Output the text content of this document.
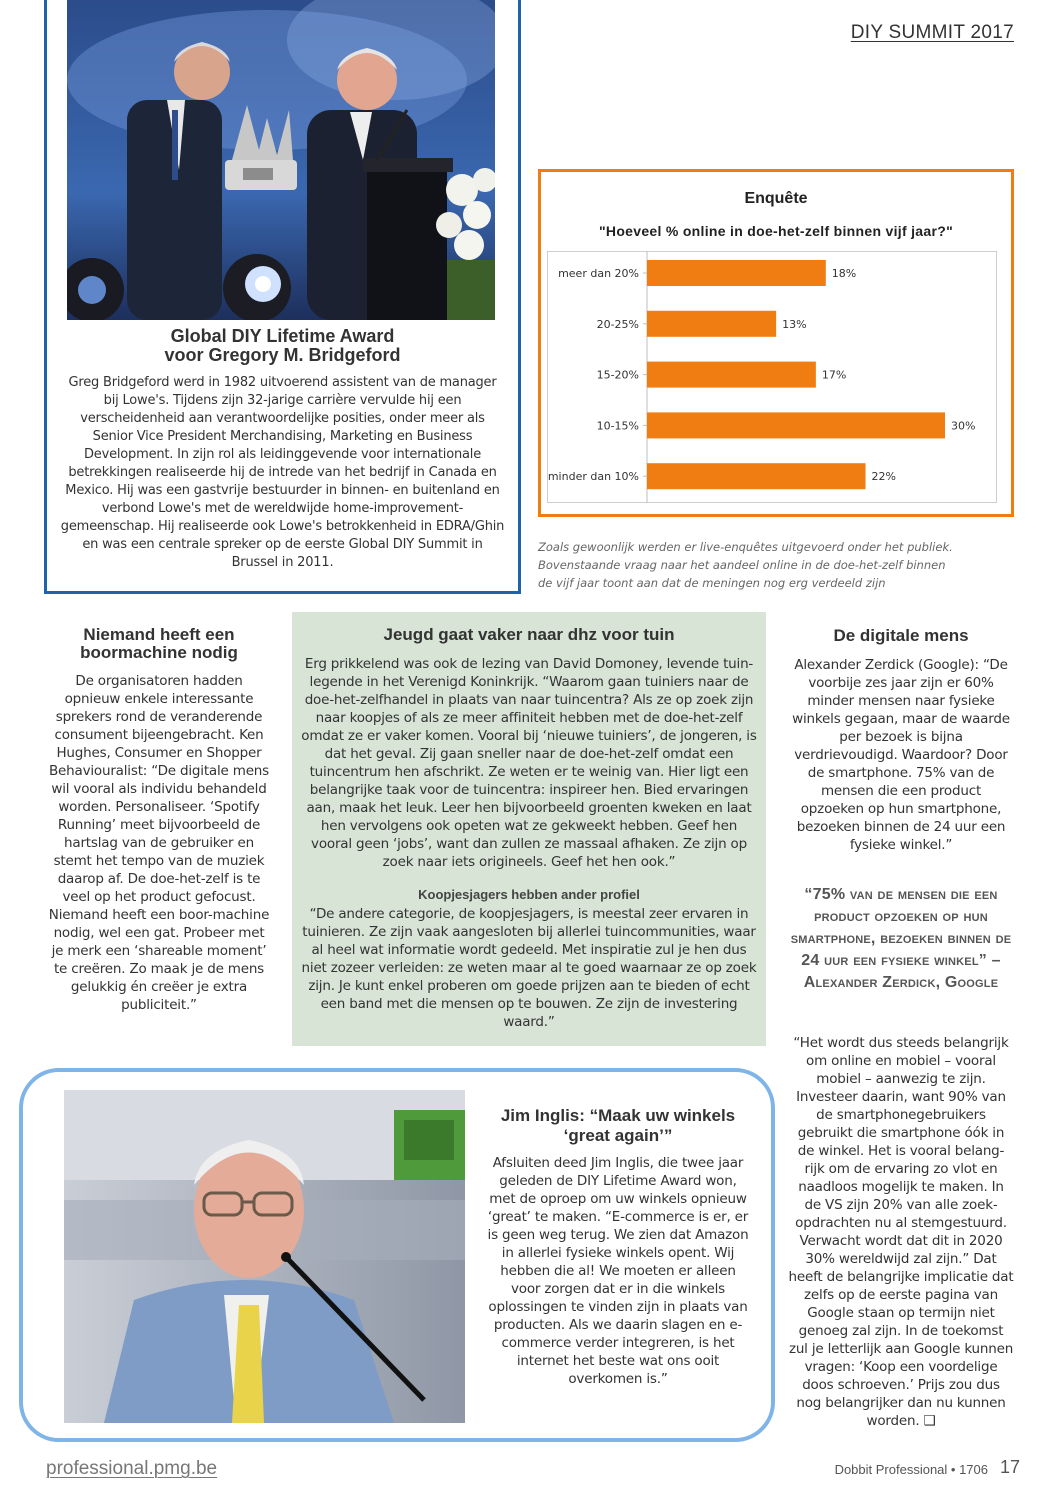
DIY SUMMIT 2017
Global DIY Lifetime Award
voor Gregory M. Bridgeford
Greg Bridgeford werd in 1982 uitvoerend assistent van de manager bij Lowe's. Tijdens zijn 32-jarige carrière vervulde hij een verscheidenheid aan verantwoordelijke posities, onder meer als Senior Vice President Merchandising, Marketing en Business Development. In zijn rol als leidinggevende voor internationale betrekkingen realiseerde hij de intrede van het bedrijf in Canada en Mexico. Hij was een gastvrije bestuurder in binnen- en buitenland en verbond Lowe's met de wereldwijde home-improvement-gemeenschap. Hij realiseerde ook Lowe's betrokkenheid in EDRA/Ghin en was een centrale spreker op de eerste Global DIY Summit in Brussel in 2011.
Enquête
"Hoeveel % online in doe-het-zelf binnen vijf jaar?"
meer dan 20%	18%
20-25%	13%
15-20%	17%
10-15%	30%
minder dan 10%	22%
Zoals gewoonlijk werden er live-enquêtes uitgevoerd onder het publiek. Bovenstaande vraag naar het aandeel online in de doe-het-zelf binnen de vijf jaar toont aan dat de meningen nog erg verdeeld zijn
Niemand heeft een
boormachine nodig
De organisatoren hadden opnieuw enkele interessante sprekers rond de veranderende consument bijeengebracht. Ken Hughes, Consumer en Shopper Behaviouralist: “De digitale mens wil vooral als individu behandeld worden. Personaliseer. ‘Spotify Running’ meet bijvoorbeeld de hartslag van de gebruiker en stemt het tempo van de muziek daarop af. De doe-het-zelf is te veel op het product gefocust. Niemand heeft een boor-machine nodig, wel een gat. Probeer met je merk een ‘shareable moment’ te creëren. Zo maak je de mens gelukkig én creëer je extra publiciteit.”
Jeugd gaat vaker naar dhz voor tuin
Erg prikkelend was ook de lezing van David Domoney, levende tuin-legende in het Verenigd Koninkrijk. “Waarom gaan tuiniers naar de doe-het-zelfhandel in plaats van naar tuincentra? Als ze op zoek zijn naar koopjes of als ze meer affiniteit hebben met de doe-het-zelf omdat ze er vaker komen. Vooral bij ‘nieuwe tuiniers’, de jongeren, is dat het geval. Zij gaan sneller naar de doe-het-zelf omdat een tuincentrum hen afschrikt. Ze weten er te weinig van. Hier ligt een belangrijke taak voor de tuincentra: inspireer hen. Bied ervaringen aan, maak het leuk. Leer hen bijvoorbeeld groenten kweken en laat hen vervolgens ook opeten wat ze gekweekt hebben. Geef hen vooral geen ‘jobs’, want dan zullen ze massaal afhaken. Ze zijn op zoek naar iets origineels. Geef het hen ook.”
Koopjesjagers hebben ander profiel
“De andere categorie, de koopjesjagers, is meestal zeer ervaren in tuinieren. Ze zijn vaak aangesloten bij allerlei tuincommunities, waar al heel wat informatie wordt gedeeld. Met inspiratie zul je hen dus niet zozeer verleiden: ze weten maar al te goed waarnaar ze op zoek zijn. Je kunt enkel proberen om goede prijzen aan te bieden of echt een band met die mensen op te bouwen. Ze zijn de investering waard.”
De digitale mens
Alexander Zerdick (Google): “De voorbije zes jaar zijn er 60% minder mensen naar fysieke winkels gegaan, maar de waarde per bezoek is bijna verdrievoudigd. Waardoor? Door de smartphone. 75% van de mensen die een product opzoeken op hun smartphone, bezoeken binnen de 24 uur een fysieke winkel.”
“75% van de mensen die een product opzoeken op hun smartphone, bezoeken binnen de 24 uur een fysieke winkel” – Alexander Zerdick, Google
“Het wordt dus steeds belangrijk om online en mobiel – vooral mobiel – aanwezig te zijn. Investeer daarin, want 90% van de smartphonegebruikers gebruikt die smartphone óók in de winkel. Het is vooral belang-rijk om de ervaring zo vlot en naadloos mogelijk te maken. In de VS zijn 20% van alle zoek-opdrachten nu al stemgestuurd. Verwacht wordt dat dit in 2020 30% wereldwijd zal zijn.” Dat heeft de belangrijke implicatie dat zelfs op de eerste pagina van Google staan op termijn niet genoeg zal zijn. In de toekomst zul je letterlijk aan Google kunnen vragen: ‘Koop een voordelige doos schroeven.’ Prijs zou dus nog belangrijker dan nu kunnen worden. ❑
Jim Inglis: “Maak uw winkels
‘great again’”
Afsluiten deed Jim Inglis, die twee jaar geleden de DIY Lifetime Award won, met de oproep om uw winkels opnieuw ‘great’ te maken. “E-commerce is er, er is geen weg terug. We zien dat Amazon in allerlei fysieke winkels opent. Wij hebben die al! We moeten er alleen voor zorgen dat er in die winkels oplossingen te vinden zijn in plaats van producten. Als we daarin slagen en e-commerce verder integreren, is het internet het beste wat ons ooit overkomen is.”
professional.pmg.be	Dobbit Professional • 1706 17
